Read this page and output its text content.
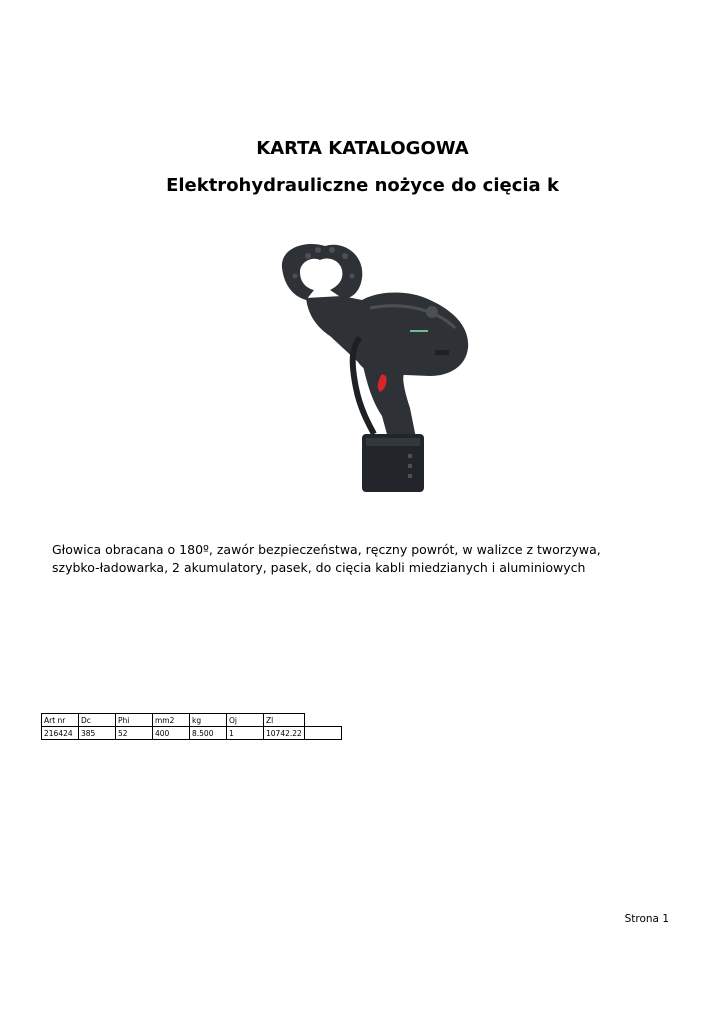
KARTA KATALOGOWA
Elektrohydrauliczne nożyce do cięcia k

Głowica obracana o 180º, zawór bezpieczeństwa, ręczny powrót, w walizce z tworzywa,
szybko-ładowarka, 2 akumulatory, pasek, do cięcia kabli miedzianych i aluminiowych

Art nr	Dc	Phi	mm2	kg	Oj	Zl	
216424	385	52	400	8.500	1	10742.22	

Strona 1
